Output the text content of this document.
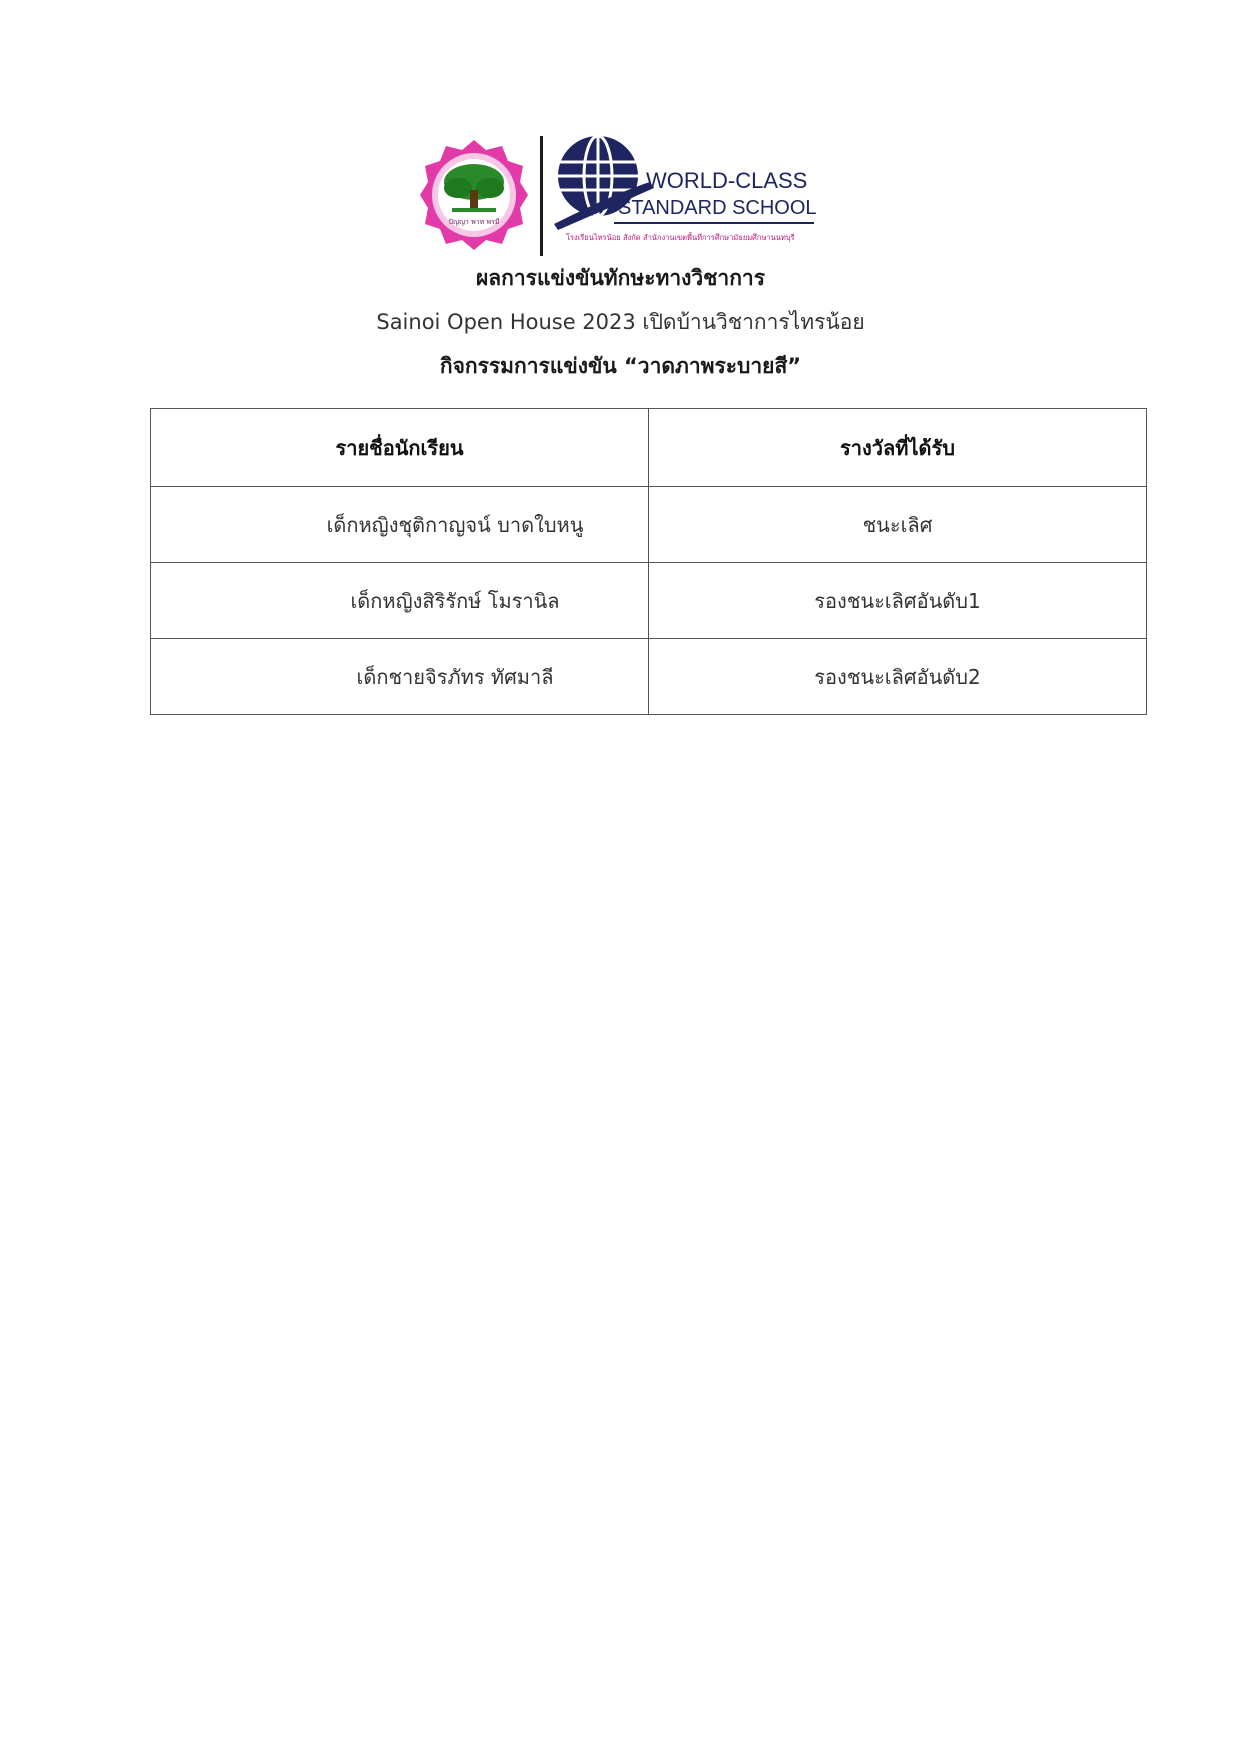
ปัญญา พาท พรมี
WORLD-CLASS
STANDARD SCHOOL
โรงเรียนไทรน้อย สังกัด สำนักงานเขตพื้นที่การศึกษามัธยมศึกษานนทบุรี
ผลการแข่งขันทักษะทางวิชาการ
Sainoi Open House 2023 เปิดบ้านวิชาการไทรน้อย
กิจกรรมการแข่งขัน “วาดภาพระบายสี”
รายชื่อนักเรียน	รางวัลที่ได้รับ
เด็กหญิงชุติกาญจน์ บาดใบหนู	ชนะเลิศ
เด็กหญิงสิริรักษ์ โมรานิล	รองชนะเลิศอันดับ1
เด็กชายจิรภัทร ทัศมาลี	รองชนะเลิศอันดับ2
